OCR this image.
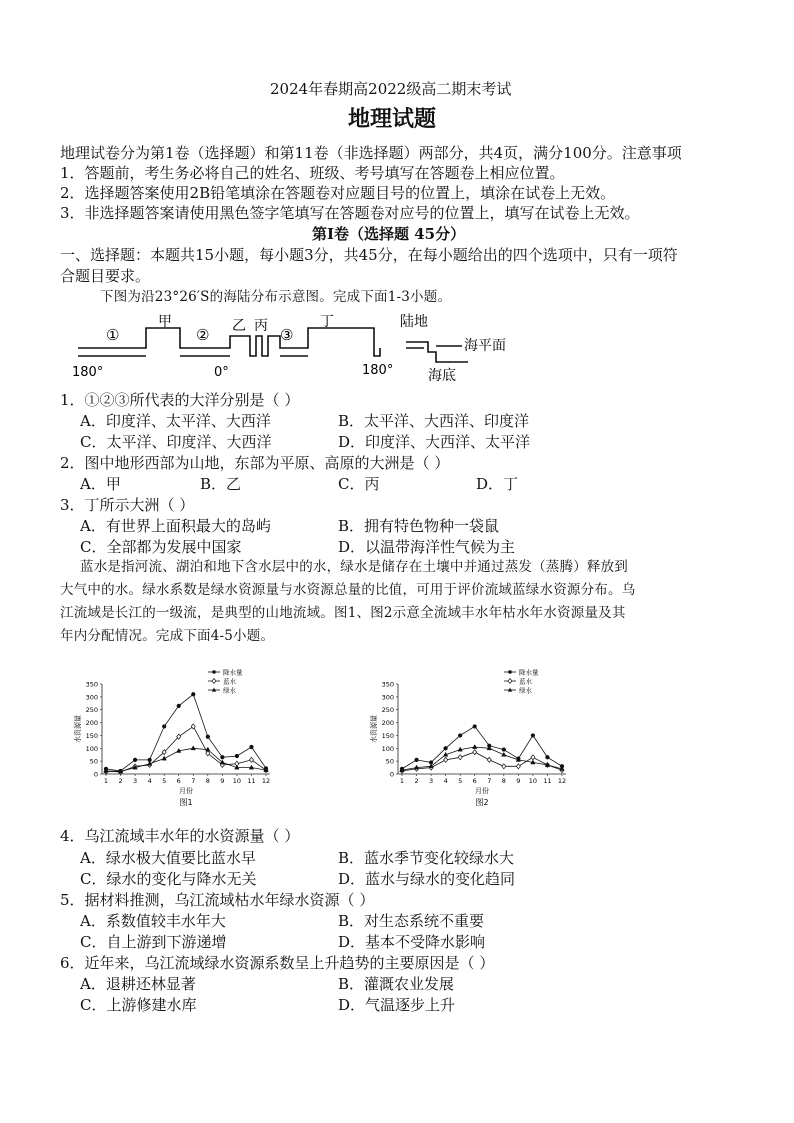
2024年春期高2022级高二期末考试
地理试题
地理试卷分为第1卷（选择题）和第11卷（非选择题）两部分，共4页，满分100分。注意事项
1．答题前，考生务必将自己的姓名、班级、考号填写在答题卷上相应位置。
2．选择题答案使用2B铅笔填涂在答题卷对应题目号的位置上，填涂在试卷上无效。
3．非选择题答案请使用黑色签字笔填写在答题卷对应号的位置上，填写在试卷上无效。
第Ⅰ卷（选择题 45分）
一、选择题：本题共15小题，每小题3分，共45分，在每小题给出的四个选项中，只有一项符
合题目要求。
下图为沿23°26′S的海陆分布示意图。完成下面1-3小题。
①
甲
② 乙 丙 ③
丁
180°	0°	180°
陆地
海平面
海底
1．①②③所代表的大洋分别是（ ）
A．印度洋、太平洋、大西洋	B．太平洋、大西洋、印度洋
C．太平洋、印度洋、大西洋	D．印度洋、大西洋、太平洋
2．图中地形西部为山地，东部为平原、高原的大洲是（ ）
A．甲	B．乙	C．丙	D．丁
3．丁所示大洲（ ）
A．有世界上面积最大的岛屿	B．拥有特色物种一袋鼠
C．全部都为发展中国家	D．以温带海洋性气候为主
蓝水是指河流、湖泊和地下含水层中的水，绿水是储存在土壤中并通过蒸发（蒸腾）释放到
大气中的水。绿水系数是绿水资源量与水资源总量的比值，可用于评价流域蓝绿水资源分布。乌
江流域是长江的一级流，是典型的山地流域。图1、图2示意全流域丰水年枯水年水资源量及其
年内分配情况。完成下面4-5小题。
0
50
100
150
200
250
300
350
1 2 3 4 5 6 7 8 9 10 11 12
月份
图1
水资源量
降水量
蓝水
绿水
0
50
100
150
200
250
300
350
1 2 3 4 5 6 7 8 9 10 11 12
月份
图2
水资源量
降水量
蓝水
绿水
4．乌江流域丰水年的水资源量（ ）
A．绿水极大值要比蓝水早	B．蓝水季节变化较绿水大
C．绿水的变化与降水无关	D．蓝水与绿水的变化趋同
5．据材料推测，乌江流域枯水年绿水资源（ ）
A．系数值较丰水年大	B．对生态系统不重要
C．自上游到下游递增	D．基本不受降水影响
6．近年来，乌江流域绿水资源系数呈上升趋势的主要原因是（ ）
A．退耕还林显著	B．灌溉农业发展
C．上游修建水库	D．气温逐步上升
